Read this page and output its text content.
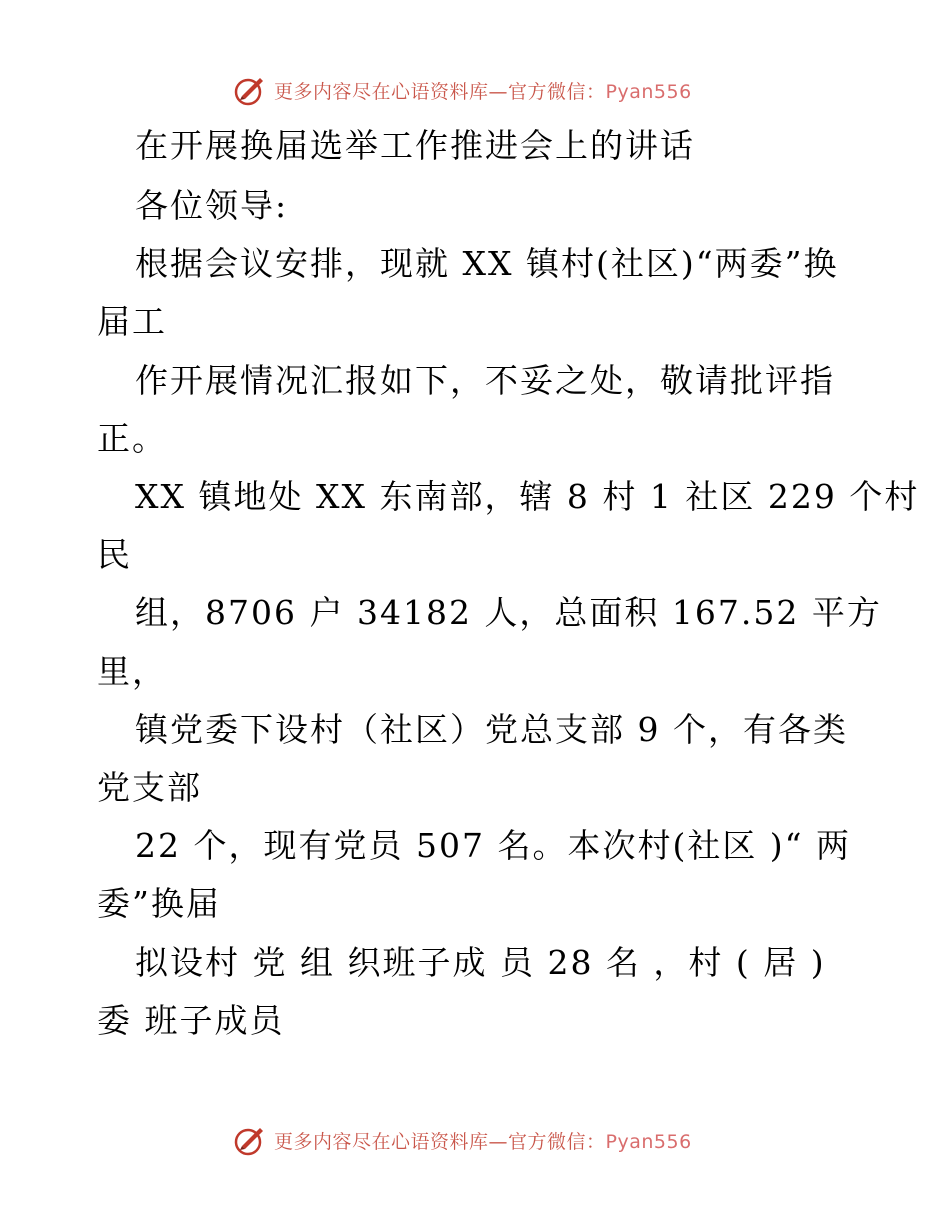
更多内容尽在心语资料库—官方微信：Pyan556
在开展换届选举工作推进会上的讲话
各位领导:
根据会议安排，现就 XX 镇村(社区)“两委”换
届工
作开展情况汇报如下，不妥之处，敬请批评指
正。
XX 镇地处 XX 东南部，辖 8 村 1 社区 229 个村
民
组，8706 户 34182 人，总面积 167.52 平方
里，
镇党委下设村（社区）党总支部 9 个，有各类
党支部
22 个，现有党员 507 名。本次村(社区 )“ 两
委”换届
拟设村 党 组 织班子成 员 28 名 ，村 ( 居 )
委 班子成员
更多内容尽在心语资料库—官方微信：Pyan556
